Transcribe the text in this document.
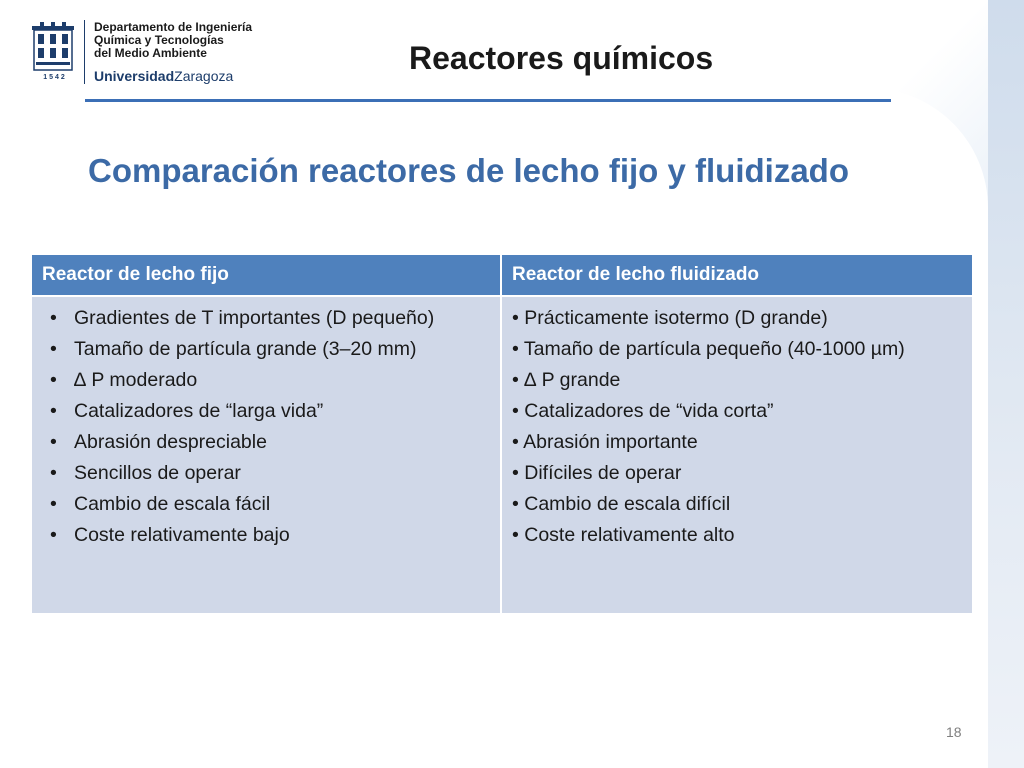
1542
Departamento de Ingeniería
Química y Tecnologías
del Medio Ambiente
UniversidadZaragoza	Reactores químicos
Comparación reactores de lecho fijo y fluidizado
Reactor de lecho fijo	Reactor de lecho fluidizado
• Gradientes de T importantes (D pequeño)
• Tamaño de partícula grande (3–20 mm)
• ∆ P moderado
• Catalizadores de “larga vida”
• Abrasión despreciable
• Sencillos de operar
• Cambio de escala fácil
• Coste relativamente bajo
• Prácticamente isotermo (D grande)
• Tamaño de partícula pequeño (40-1000 µm)
• ∆ P grande
• Catalizadores de “vida corta”
• Abrasión importante
• Difíciles de operar
• Cambio de escala difícil
• Coste relativamente alto
18
